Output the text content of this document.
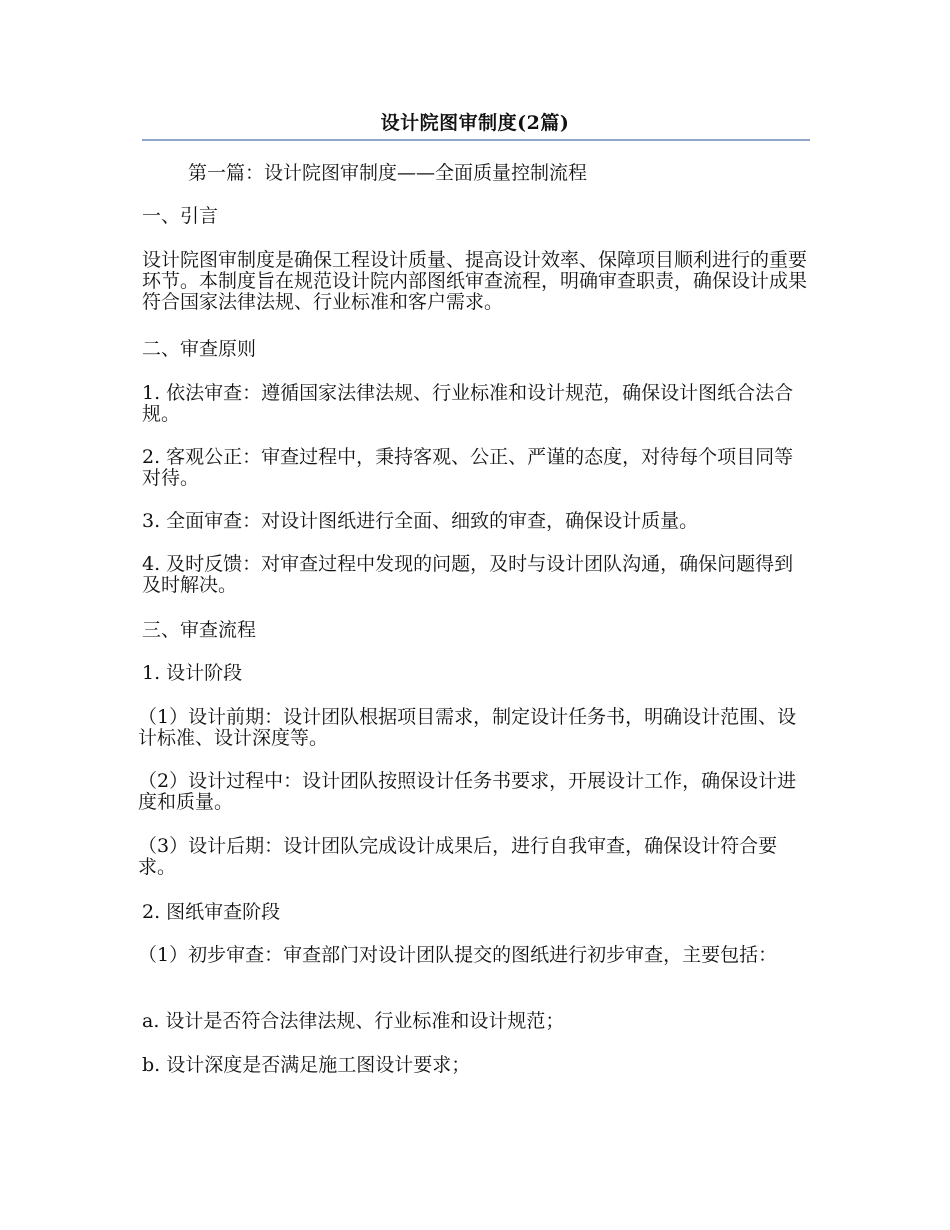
设计院图审制度(2篇)

第一篇：设计院图审制度——全面质量控制流程

一、引言

设计院图审制度是确保工程设计质量、提高设计效率、保障项目顺利进行的重要环节。本制度旨在规范设计院内部图纸审查流程，明确审查职责，确保设计成果符合国家法律法规、行业标准和客户需求。

二、审查原则

1. 依法审查：遵循国家法律法规、行业标准和设计规范，确保设计图纸合法合规。

2. 客观公正：审查过程中，秉持客观、公正、严谨的态度，对待每个项目同等对待。

3. 全面审查：对设计图纸进行全面、细致的审查，确保设计质量。

4. 及时反馈：对审查过程中发现的问题，及时与设计团队沟通，确保问题得到及时解决。

三、审查流程

1. 设计阶段

（1）设计前期：设计团队根据项目需求，制定设计任务书，明确设计范围、设计标准、设计深度等。

（2）设计过程中：设计团队按照设计任务书要求，开展设计工作，确保设计进度和质量。

（3）设计后期：设计团队完成设计成果后，进行自我审查，确保设计符合要求。

2. 图纸审查阶段

（1）初步审查：审查部门对设计团队提交的图纸进行初步审查，主要包括：

a. 设计是否符合法律法规、行业标准和设计规范；

b. 设计深度是否满足施工图设计要求；
